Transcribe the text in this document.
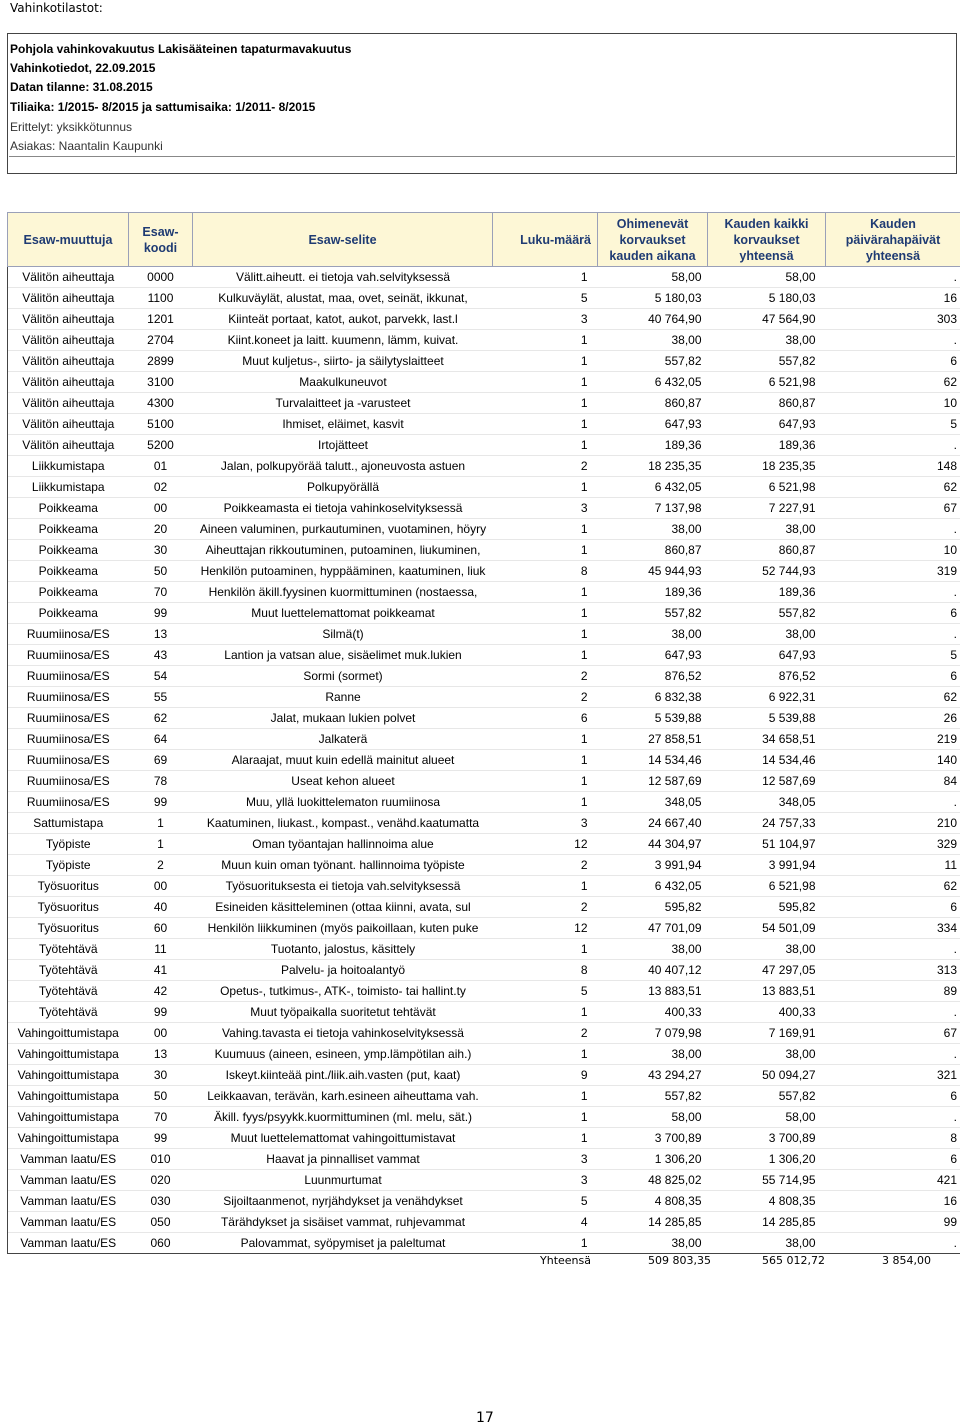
Vahinkotilastot:
Pohjola vahinkovakuutus Lakisääteinen tapaturmavakuutus
Vahinkotiedot, 22.09.2015
Datan tilanne: 31.08.2015
Tiliaika: 1/2015- 8/2015 ja sattumisaika: 1/2011- 8/2015
Erittelyt: yksikkötunnus
Asiakas: Naantalin Kaupunki
Esaw-muuttuja	Esaw-koodi	Esaw-selite	Luku-määrä	Ohimenevät korvaukset kauden aikana	Kauden kaikki korvaukset yhteensä	Kauden päivärahapäivät yhteensä
Välitön aiheuttaja	0000	Välitt.aiheutt. ei tietoja vah.selvityksessä	1	58,00	58,00	.
Välitön aiheuttaja	1100	Kulkuväylät, alustat, maa, ovet, seinät, ikkunat,	5	5 180,03	5 180,03	16
Välitön aiheuttaja	1201	Kiinteät portaat, katot, aukot, parvekk, last.l	3	40 764,90	47 564,90	303
Välitön aiheuttaja	2704	Kiint.koneet ja laitt. kuumenn, lämm, kuivat.	1	38,00	38,00	.
Välitön aiheuttaja	2899	Muut kuljetus-, siirto- ja säilytyslaitteet	1	557,82	557,82	6
Välitön aiheuttaja	3100	Maakulkuneuvot	1	6 432,05	6 521,98	62
Välitön aiheuttaja	4300	Turvalaitteet ja -varusteet	1	860,87	860,87	10
Välitön aiheuttaja	5100	Ihmiset, eläimet, kasvit	1	647,93	647,93	5
Välitön aiheuttaja	5200	Irtojätteet	1	189,36	189,36	.
Liikkumistapa	01	Jalan, polkupyörää talutt., ajoneuvosta astuen	2	18 235,35	18 235,35	148
Liikkumistapa	02	Polkupyörällä	1	6 432,05	6 521,98	62
Poikkeama	00	Poikkeamasta ei tietoja vahinkoselvityksessä	3	7 137,98	7 227,91	67
Poikkeama	20	Aineen valuminen, purkautuminen, vuotaminen, höyry	1	38,00	38,00	.
Poikkeama	30	Aiheuttajan rikkoutuminen, putoaminen, liukuminen,	1	860,87	860,87	10
Poikkeama	50	Henkilön putoaminen, hyppääminen, kaatuminen, liuk	8	45 944,93	52 744,93	319
Poikkeama	70	Henkilön äkill.fyysinen kuormittuminen (nostaessa,	1	189,36	189,36	.
Poikkeama	99	Muut luettelemattomat poikkeamat	1	557,82	557,82	6
Ruumiinosa/ES	13	Silmä(t)	1	38,00	38,00	.
Ruumiinosa/ES	43	Lantion ja vatsan alue, sisäelimet muk.lukien	1	647,93	647,93	5
Ruumiinosa/ES	54	Sormi (sormet)	2	876,52	876,52	6
Ruumiinosa/ES	55	Ranne	2	6 832,38	6 922,31	62
Ruumiinosa/ES	62	Jalat, mukaan lukien polvet	6	5 539,88	5 539,88	26
Ruumiinosa/ES	64	Jalkaterä	1	27 858,51	34 658,51	219
Ruumiinosa/ES	69	Alaraajat, muut kuin edellä mainitut alueet	1	14 534,46	14 534,46	140
Ruumiinosa/ES	78	Useat kehon alueet	1	12 587,69	12 587,69	84
Ruumiinosa/ES	99	Muu, yllä luokittelematon ruumiinosa	1	348,05	348,05	.
Sattumistapa	1	Kaatuminen, liukast., kompast., venähd.kaatumatta	3	24 667,40	24 757,33	210
Työpiste	1	Oman työantajan hallinnoima alue	12	44 304,97	51 104,97	329
Työpiste	2	Muun kuin oman työnant. hallinnoima työpiste	2	3 991,94	3 991,94	11
Työsuoritus	00	Työsuorituksesta ei tietoja vah.selvityksessä	1	6 432,05	6 521,98	62
Työsuoritus	40	Esineiden käsitteleminen (ottaa kiinni, avata, sul	2	595,82	595,82	6
Työsuoritus	60	Henkilön liikkuminen (myös paikoillaan, kuten puke	12	47 701,09	54 501,09	334
Työtehtävä	11	Tuotanto, jalostus, käsittely	1	38,00	38,00	.
Työtehtävä	41	Palvelu- ja hoitoalantyö	8	40 407,12	47 297,05	313
Työtehtävä	42	Opetus-, tutkimus-, ATK-, toimisto- tai hallint.ty	5	13 883,51	13 883,51	89
Työtehtävä	99	Muut työpaikalla suoritetut tehtävät	1	400,33	400,33	.
Vahingoittumistapa	00	Vahing.tavasta ei tietoja vahinkoselvityksessä	2	7 079,98	7 169,91	67
Vahingoittumistapa	13	Kuumuus (aineen, esineen, ymp.lämpötilan aih.)	1	38,00	38,00	.
Vahingoittumistapa	30	Iskeyt.kiinteää pint./liik.aih.vasten (put, kaat)	9	43 294,27	50 094,27	321
Vahingoittumistapa	50	Leikkaavan, terävän, karh.esineen aiheuttama vah.	1	557,82	557,82	6
Vahingoittumistapa	70	Äkill. fyys/psyykk.kuormittuminen (ml. melu, sät.)	1	58,00	58,00	.
Vahingoittumistapa	99	Muut luettelemattomat vahingoittumistavat	1	3 700,89	3 700,89	8
Vamman laatu/ES	010	Haavat ja pinnalliset vammat	3	1 306,20	1 306,20	6
Vamman laatu/ES	020	Luunmurtumat	3	48 825,02	55 714,95	421
Vamman laatu/ES	030	Sijoiltaanmenot, nyrjähdykset ja venähdykset	5	4 808,35	4 808,35	16
Vamman laatu/ES	050	Tärähdykset ja sisäiset vammat, ruhjevammat	4	14 285,85	14 285,85	99
Vamman laatu/ES	060	Palovammat, syöpymiset ja paleltumat	1	38,00	38,00	.
Yhteensä	509 803,35	565 012,72	3 854,00
17
